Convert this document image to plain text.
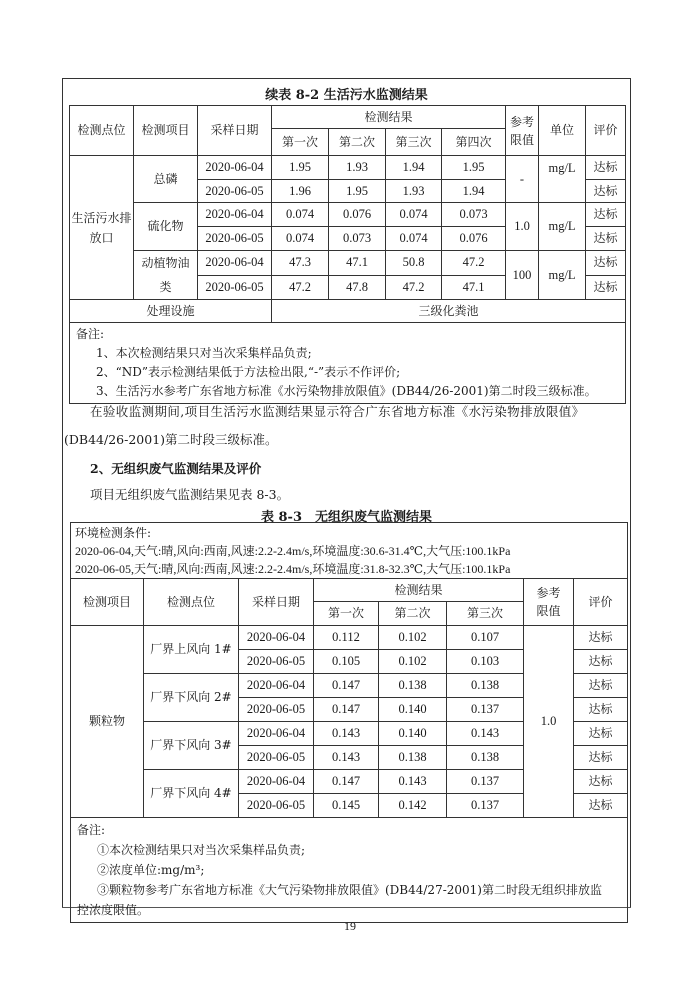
续表 8-2 生活污水监测结果
检测点位	检测项目	采样日期	检测结果				参考限值	单位	评价
			第一次	第二次	第三次	第四次			
生活污水排放口	总磷	2020-06-04	1.95	1.93	1.94	1.95	-	mg/L	达标
		2020-06-05	1.96	1.95	1.93	1.94			达标
	硫化物	2020-06-04	0.074	0.076	0.074	0.073	1.0	mg/L	达标
		2020-06-05	0.074	0.073	0.074	0.076			达标
	动植物油类	2020-06-04	47.3	47.1	50.8	47.2	100	mg/L	达标
		2020-06-05	47.2	47.8	47.2	47.1			达标
处理设施			三级化粪池						

备注:
1、本次检测结果只对当次采集样品负责;
2、“ND”表示检测结果低于方法检出限,“-”表示不作评价;
3、生活污水参考广东省地方标准《水污染物排放限值》(DB44/26-2001)第二时段三级标准。									
在验收监测期间,项目生活污水监测结果显示符合广东省地方标准《水污染物排放限值》
(DB44/26-2001)第二时段三级标准。
2、无组织废气监测结果及评价
项目无组织废气监测结果见表 8-3。
表 8-3　无组织废气监测结果
环境检测条件:
2020-06-04,天气:晴,风向:西南,风速:2.2-2.4m/s,环境温度:30.6-31.4℃,大气压:100.1kPa
2020-06-05,天气:晴,风向:西南,风速:2.2-2.4m/s,环境温度:31.8-32.3℃,大气压:100.1kPa							

检测项目	检测点位	采样日期	检测结果			参考限值	评价
			第一次	第二次	第三次		
颗粒物	厂界上风向 1#	2020-06-04	0.112	0.102	0.107	1.0	达标
		2020-06-05	0.105	0.102	0.103		达标
	厂界下风向 2#	2020-06-04	0.147	0.138	0.138		达标
		2020-06-05	0.147	0.140	0.137		达标
	厂界下风向 3#	2020-06-04	0.143	0.140	0.143		达标
		2020-06-05	0.143	0.138	0.138		达标
	厂界下风向 4#	2020-06-04	0.147	0.143	0.137		达标
		2020-06-05	0.145	0.142	0.137		达标

备注:
①本次检测结果只对当次采集样品负责;
②浓度单位:mg/m³;
③颗粒物参考广东省地方标准《大气污染物排放限值》(DB44/27-2001)第二时段无组织排放监
控浓度限值。							
19
